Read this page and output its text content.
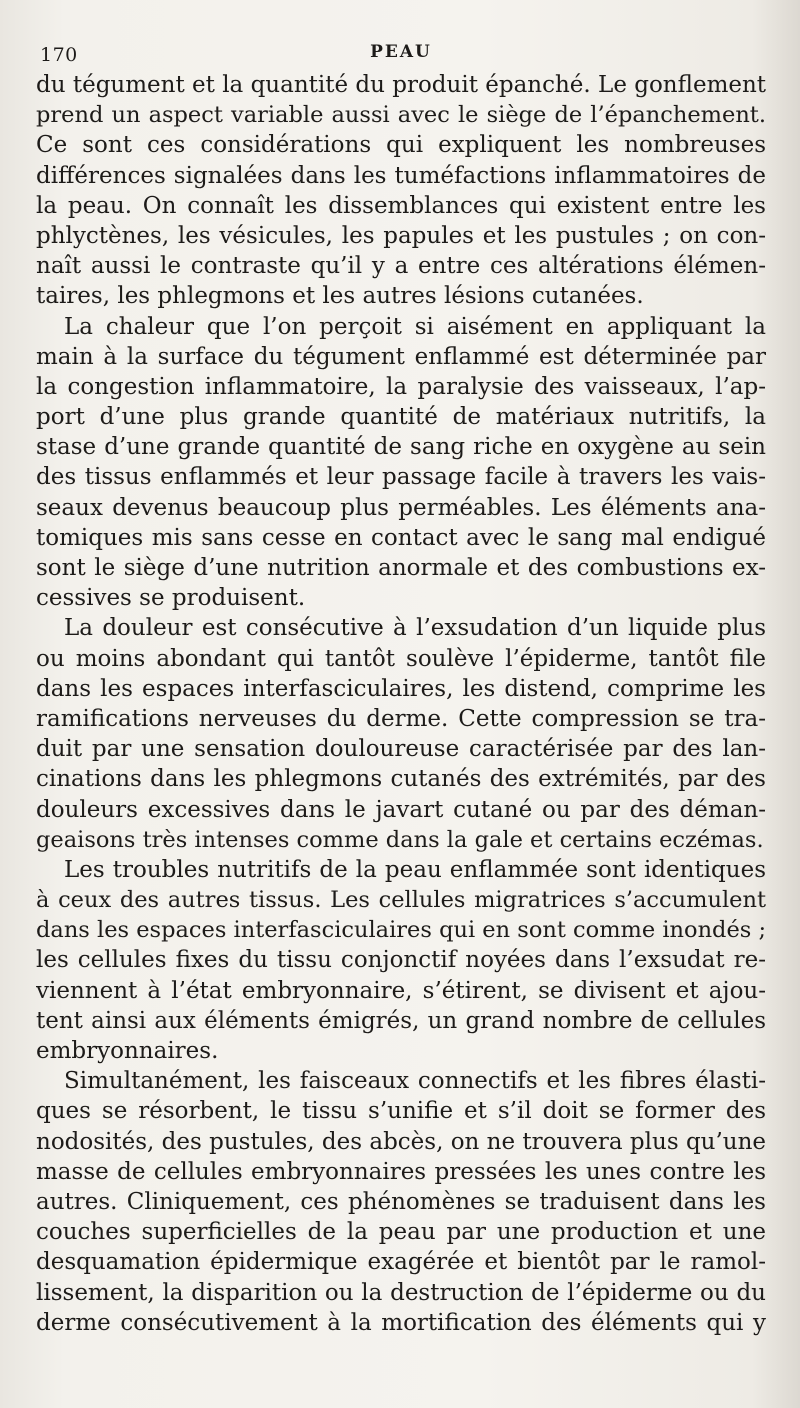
170	PEAU
du tégument et la quantité du produit épanché. Le gonflement
prend un aspect variable aussi avec le siège de l’épanchement.
Ce sont ces considérations qui expliquent les nombreuses
différences signalées dans les tuméfactions inflammatoires de
la peau. On connaît les dissemblances qui existent entre les
phlyctènes, les vésicules, les papules et les pustules ; on con-
naît aussi le contraste qu’il y a entre ces altérations élémen-
taires, les phlegmons et les autres lésions cutanées.
La chaleur que l’on perçoit si aisément en appliquant la
main à la surface du tégument enflammé est déterminée par
la congestion inflammatoire, la paralysie des vaisseaux, l’ap-
port d’une plus grande quantité de matériaux nutritifs, la
stase d’une grande quantité de sang riche en oxygène au sein
des tissus enflammés et leur passage facile à travers les vais-
seaux devenus beaucoup plus perméables. Les éléments ana-
tomiques mis sans cesse en contact avec le sang mal endigué
sont le siège d’une nutrition anormale et des combustions ex-
cessives se produisent.
La douleur est consécutive à l’exsudation d’un liquide plus
ou moins abondant qui tantôt soulève l’épiderme, tantôt file
dans les espaces interfasciculaires, les distend, comprime les
ramifications nerveuses du derme. Cette compression se tra-
duit par une sensation douloureuse caractérisée par des lan-
cinations dans les phlegmons cutanés des extrémités, par des
douleurs excessives dans le javart cutané ou par des déman-
geaisons très intenses comme dans la gale et certains eczémas.
Les troubles nutritifs de la peau enflammée sont identiques
à ceux des autres tissus. Les cellules migratrices s’accumulent
dans les espaces interfasciculaires qui en sont comme inondés ;
les cellules fixes du tissu conjonctif noyées dans l’exsudat re-
viennent à l’état embryonnaire, s’étirent, se divisent et ajou-
tent ainsi aux éléments émigrés, un grand nombre de cellules
embryonnaires.
Simultanément, les faisceaux connectifs et les fibres élasti-
ques se résorbent, le tissu s’unifie et s’il doit se former des
nodosités, des pustules, des abcès, on ne trouvera plus qu’une
masse de cellules embryonnaires pressées les unes contre les
autres. Cliniquement, ces phénomènes se traduisent dans les
couches superficielles de la peau par une production et une
desquamation épidermique exagérée et bientôt par le ramol-
lissement, la disparition ou la destruction de l’épiderme ou du
derme consécutivement à la mortification des éléments qui y
